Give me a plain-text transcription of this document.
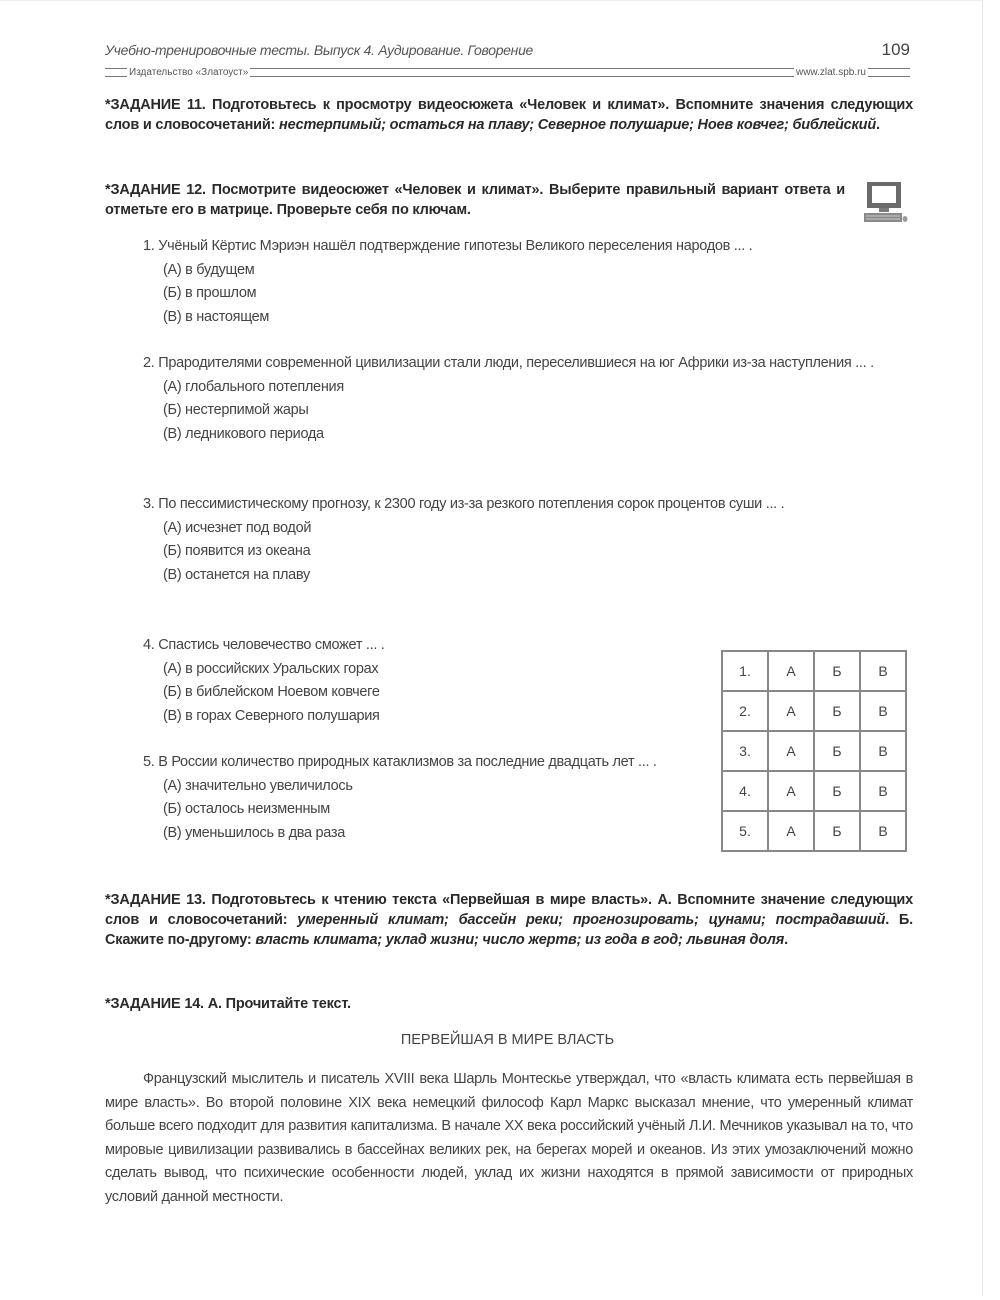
Учебно-тренировочные тесты. Выпуск 4. Аудирование. Говорение	109
Издательство «Златоуст»	www.zlat.spb.ru
*ЗАДАНИЕ 11. Подготовьтесь к просмотру видеосюжета «Человек и климат». Вспомните значения следующих слов и словосочетаний: нестерпимый; остаться на плаву; Северное полушарие; Ноев ковчег; библейский.
*ЗАДАНИЕ 12. Посмотрите видеосюжет «Человек и климат». Выберите правильный вариант ответа и отметьте его в матрице. Проверьте себя по ключам.
1. Учёный Кёртис Мэриэн нашёл подтверждение гипотезы Великого переселения народов ... .
(А) в будущем
(Б) в прошлом
(В) в настоящем
2. Прародителями современной цивилизации стали люди, переселившиеся на юг Африки из-за наступления ... .
(А) глобального потепления
(Б) нестерпимой жары
(В) ледникового периода
3. По пессимистическому прогнозу, к 2300 году из-за резкого потепления сорок процентов суши ... .
(А) исчезнет под водой
(Б) появится из океана
(В) останется на плаву
4. Спастись человечество сможет ... .
(А) в российских Уральских горах
(Б) в библейском Ноевом ковчеге
(В) в горах Северного полушария
5. В России количество природных катаклизмов за последние двадцать лет ... .
(А) значительно увеличилось
(Б) осталось неизменным
(В) уменьшилось в два раза
1.	А	Б	В
2.	А	Б	В
3.	А	Б	В
4.	А	Б	В
5.	А	Б	В
*ЗАДАНИЕ 13. Подготовьтесь к чтению текста «Первейшая в мире власть». А. Вспомните значение следующих слов и словосочетаний: умеренный климат; бассейн реки; прогнозировать; цунами; пострадавший. Б. Скажите по-другому: власть климата; уклад жизни; число жертв; из года в год; львиная доля.
*ЗАДАНИЕ 14. А. Прочитайте текст.
ПЕРВЕЙШАЯ В МИРЕ ВЛАСТЬ
Французский мыслитель и писатель XVIII века Шарль Монтескье утверждал, что «власть климата есть первейшая в мире власть». Во второй половине XIX века немецкий философ Карл Маркс высказал мнение, что умеренный климат больше всего подходит для развития капитализма. В начале XX века российский учёный Л.И. Мечников указывал на то, что мировые цивилизации развивались в бассейнах великих рек, на берегах морей и океанов. Из этих умозаключений можно сделать вывод, что психические особенности людей, уклад их жизни находятся в прямой зависимости от природных условий данной местности.
